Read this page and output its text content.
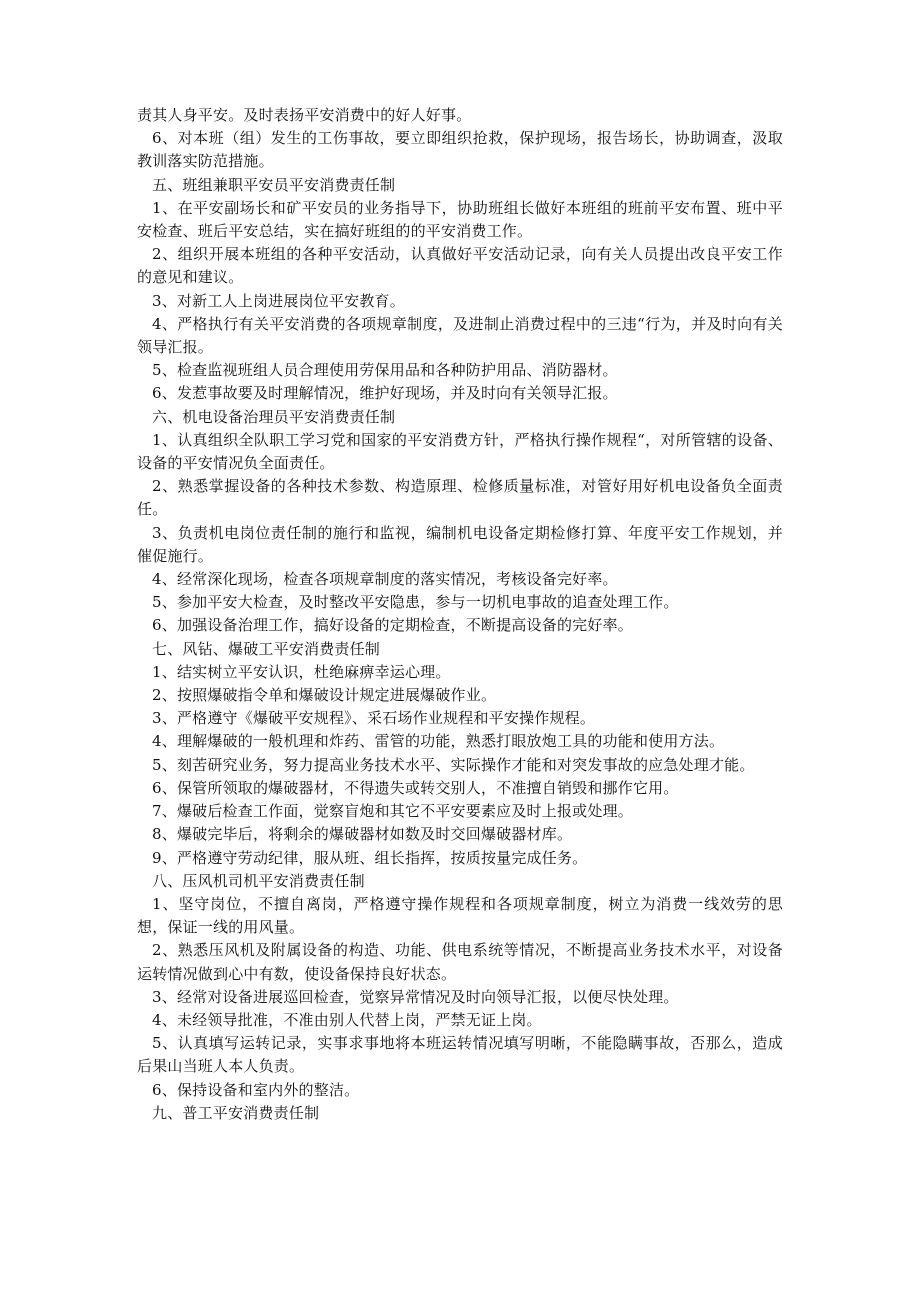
责其人身平安。及时表扬平安消费中的好人好事。

6、对本班（组）发生的工伤事故，要立即组织抢救，保护现场，报告场长，协助调查，汲取教训落实防范措施。

五、班组兼职平安员平安消费责任制

1、在平安副场长和矿平安员的业务指导下，协助班组长做好本班组的班前平安布置、班中平安检查、班后平安总结，实在搞好班组的的平安消费工作。

2、组织开展本班组的各种平安活动，认真做好平安活动记录，向有关人员提出改良平安工作的意见和建议。

3、对新工人上岗进展岗位平安教育。

4、严格执行有关平安消费的各项规章制度，及进制止消费过程中的三违“行为，并及时向有关领导汇报。

5、检查监视班组人员合理使用劳保用品和各种防护用品、消防器材。

6、发惹事故要及时理解情况，维护好现场，并及时向有关领导汇报。

六、机电设备治理员平安消费责任制

1、认真组织全队职工学习党和国家的平安消费方针，严格执行操作规程“，对所管辖的设备、设备的平安情况负全面责任。

2、熟悉掌握设备的各种技术参数、构造原理、检修质量标准，对管好用好机电设备负全面责任。

3、负责机电岗位责任制的施行和监视，编制机电设备定期检修打算、年度平安工作规划，并催促施行。

4、经常深化现场，检查各项规章制度的落实情况，考核设备完好率。

5、参加平安大检查，及时整改平安隐患，参与一切机电事故的追查处理工作。

6、加强设备治理工作，搞好设备的定期检查，不断提高设备的完好率。

七、风钻、爆破工平安消费责任制

1、结实树立平安认识，杜绝麻痹幸运心理。

2、按照爆破指令单和爆破设计规定进展爆破作业。

3、严格遵守《爆破平安规程》、采石场作业规程和平安操作规程。

4、理解爆破的一般机理和炸药、雷管的功能，熟悉打眼放炮工具的功能和使用方法。

5、刻苦研究业务，努力提高业务技术水平、实际操作才能和对突发事故的应急处理才能。

6、保管所领取的爆破器材，不得遗失或转交别人，不准擅自销毁和挪作它用。

7、爆破后检查工作面，觉察盲炮和其它不平安要素应及时上报或处理。

8、爆破完毕后，将剩余的爆破器材如数及时交回爆破器材库。

9、严格遵守劳动纪律，服从班、组长指挥，按质按量完成任务。

八、压风机司机平安消费责任制

1、坚守岗位，不擅自离岗，严格遵守操作规程和各项规章制度，树立为消费一线效劳的思想，保证一线的用风量。

2、熟悉压风机及附属设备的构造、功能、供电系统等情况，不断提高业务技术水平，对设备运转情况做到心中有数，使设备保持良好状态。

3、经常对设备进展巡回检查，觉察异常情况及时向领导汇报，以便尽快处理。

4、未经领导批准，不准由别人代替上岗，严禁无证上岗。

5、认真填写运转记录，实事求事地将本班运转情况填写明晰，不能隐瞒事故，否那么，造成后果山当班人本人负责。

6、保持设备和室内外的整洁。

九、普工平安消费责任制
